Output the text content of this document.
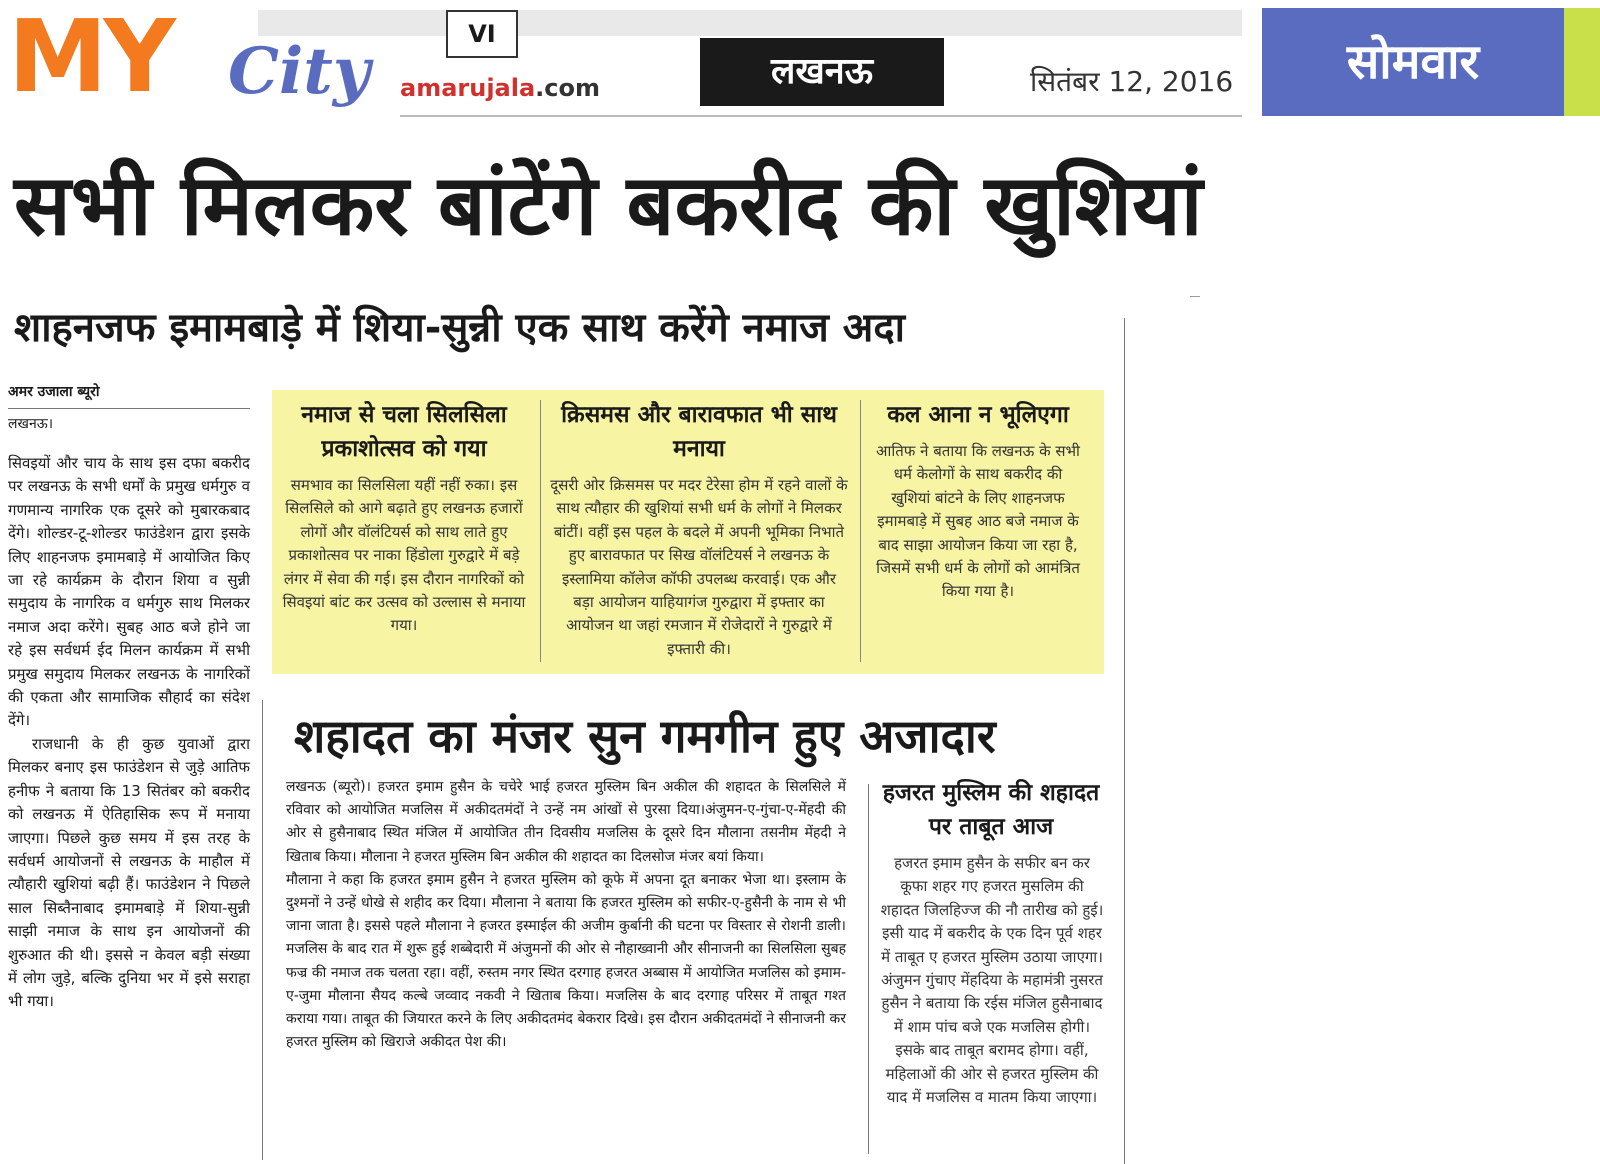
MY City amarujala.com
VI
लखनऊ	सितंबर 12, 2016	सोमवार
सभी मिलकर बांटेंगे बकरीद की खुशियां
शाहनजफ इमामबाड़े में शिया-सुन्नी एक साथ करेंगे नमाज अदा
अमर उजाला ब्यूरो
लखनऊ।

सिवइयों और चाय के साथ इस दफा बकरीद पर लखनऊ के सभी धर्मों के प्रमुख धर्मगुरु व गणमान्य नागरिक एक दूसरे को मुबारकबाद देंगे। शोल्डर-टू-शोल्डर फाउंडेशन द्वारा इसके लिए शाहनजफ इमामबाड़े में आयोजित किए जा रहे कार्यक्रम के दौरान शिया व सुन्नी समुदाय के नागरिक व धर्मगुरु साथ मिलकर नमाज अदा करेंगे। सुबह आठ बजे होने जा रहे इस सर्वधर्म ईद मिलन कार्यक्रम में सभी प्रमुख समुदाय मिलकर लखनऊ के नागरिकों की एकता और सामाजिक सौहार्द का संदेश देंगे।

राजधानी के ही कुछ युवाओं द्वारा मिलकर बनाए इस फाउंडेशन से जुड़े आतिफ हनीफ ने बताया कि 13 सितंबर को बकरीद को लखनऊ में ऐतिहासिक रूप में मनाया जाएगा। पिछले कुछ समय में इस तरह के सर्वधर्म आयोजनों से लखनऊ के माहौल में त्यौहारी खुशियां बढ़ी हैं। फाउंडेशन ने पिछले साल सिब्तैनाबाद इमामबाड़े में शिया-सुन्नी साझी नमाज के साथ इन आयोजनों की शुरुआत की थी। इससे न केवल बड़ी संख्या में लोग जुड़े, बल्कि दुनिया भर में इसे सराहा भी गया।

नमाज से चला सिलसिला प्रकाशोत्सव को गया
समभाव का सिलसिला यहीं नहीं रुका। इस सिलसिले को आगे बढ़ाते हुए लखनऊ हजारों लोगों और वॉलंटियर्स को साथ लाते हुए प्रकाशोत्सव पर नाका हिंडोला गुरुद्वारे में बड़े लंगर में सेवा की गई। इस दौरान नागरिकों को सिवइयां बांट कर उत्सव को उल्लास से मनाया गया।
क्रिसमस और बारावफात भी साथ मनाया
दूसरी ओर क्रिसमस पर मदर टेरेसा होम में रहने वालों के साथ त्यौहार की खुशियां सभी धर्म के लोगों ने मिलकर बांटीं। वहीं इस पहल के बदले में अपनी भूमिका निभाते हुए बारावफात पर सिख वॉलंटियर्स ने लखनऊ के इस्लामिया कॉलेज कॉफी उपलब्ध करवाई। एक और बड़ा आयोजन याहियागंज गुरुद्वारा में इफ्तार का आयोजन था जहां रमजान में रोजेदारों ने गुरुद्वारे में इफ्तारी की।
कल आना न भूलिएगा
आतिफ ने बताया कि लखनऊ के सभी धर्म केलोगों के साथ बकरीद की खुशियां बांटने के लिए शाहनजफ इमामबाड़े में सुबह आठ बजे नमाज के बाद साझा आयोजन किया जा रहा है, जिसमें सभी धर्म के लोगों को आमंत्रित किया गया है।
शहादत का मंजर सुन गमगीन हुए अजादार

लखनऊ (ब्यूरो)। हजरत इमाम हुसैन के चचेरे भाई हजरत मुस्लिम बिन अकील की शहादत के सिलसिले में रविवार को आयोजित मजलिस में अकीदतमंदों ने उन्हें नम आंखों से पुरसा दिया।अंजुमन-ए-गुंचा-ए-मेंहदी की ओर से हुसैनाबाद स्थित मंजिल में आयोजित तीन दिवसीय मजलिस के दूसरे दिन मौलाना तसनीम मेंहदी ने खिताब किया। मौलाना ने हजरत मुस्लिम बिन अकील की शहादत का दिलसोज मंजर बयां किया।

मौलाना ने कहा कि हजरत इमाम हुसैन ने हजरत मुस्लिम को कूफे में अपना दूत बनाकर भेजा था। इस्लाम के दुश्मनों ने उन्हें धोखे से शहीद कर दिया। मौलाना ने बताया कि हजरत मुस्लिम को सफीर-ए-हुसैनी के नाम से भी जाना जाता है। इससे पहले मौलाना ने हजरत इस्माईल की अजीम कुर्बानी की घटना पर विस्तार से रोशनी डाली। मजलिस के बाद रात में शुरू हुई शब्बेदारी में अंजुमनों की ओर से नौहाख्वानी और सीनाजनी का सिलसिला सुबह फज्र की नमाज तक चलता रहा। वहीं, रुस्तम नगर स्थित दरगाह हजरत अब्बास में आयोजित मजलिस को इमाम-ए-जुमा मौलाना सैयद कल्बे जव्वाद नकवी ने खिताब किया। मजलिस के बाद दरगाह परिसर में ताबूत गश्त कराया गया। ताबूत की जियारत करने के लिए अकीदतमंद बेकरार दिखे। इस दौरान अकीदतमंदों ने सीनाजनी कर हजरत मुस्लिम को खिराजे अकीदत पेश की।

हजरत मुस्लिम की शहादत पर ताबूत आज
हजरत इमाम हुसैन के सफीर बन कर कूफा शहर गए हजरत मुसलिम की शहादत जिलहिज्ज की नौ तारीख को हुई। इसी याद में बकरीद के एक दिन पूर्व शहर में ताबूत ए हजरत मुस्लिम उठाया जाएगा। अंजुमन गुंचाए मेंहदिया के महामंत्री नुसरत हुसैन ने बताया कि रईस मंजिल हुसैनाबाद में शाम पांच बजे एक मजलिस होगी। इसके बाद ताबूत बरामद होगा। वहीं, महिलाओं की ओर से हजरत मुस्लिम की याद में मजलिस व मातम किया जाएगा।
